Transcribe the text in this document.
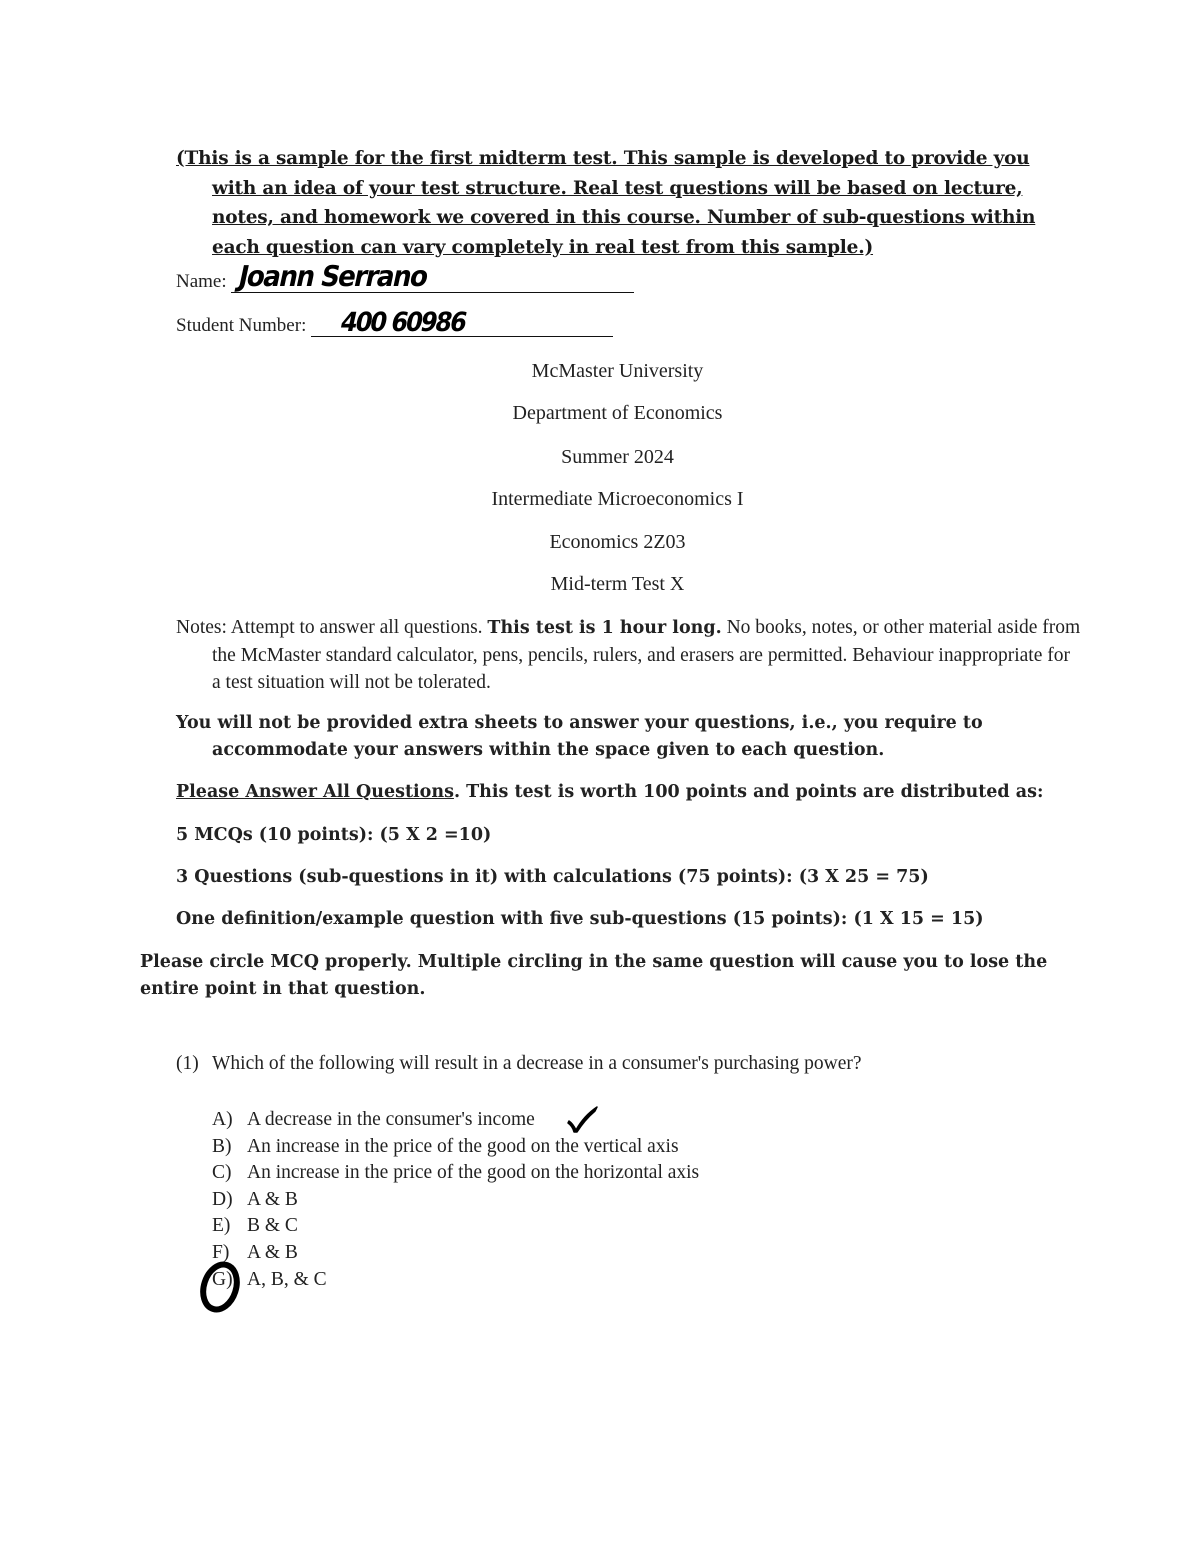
(This is a sample for the first midterm test. This sample is developed to provide you with an idea of your test structure. Real test questions will be based on lecture, notes, and homework we covered in this course. Number of sub-questions within each question can vary completely in real test from this sample.)
Name: Joann Serrano
Student Number: 400 60986
McMaster University
Department of Economics
Summer 2024
Intermediate Microeconomics I
Economics 2Z03
Mid-term Test X
Notes: Attempt to answer all questions. This test is 1 hour long. No books, notes, or other material aside from the McMaster standard calculator, pens, pencils, rulers, and erasers are permitted. Behaviour inappropriate for a test situation will not be tolerated.
You will not be provided extra sheets to answer your questions, i.e., you require to accommodate your answers within the space given to each question.
Please Answer All Questions. This test is worth 100 points and points are distributed as:
5 MCQs (10 points): (5 X 2 =10)
3 Questions (sub-questions in it) with calculations (75 points): (3 X 25 = 75)
One definition/example question with five sub-questions (15 points): (1 X 15 = 15)
Please circle MCQ properly. Multiple circling in the same question will cause you to lose the entire point in that question.
(1) Which of the following will result in a decrease in a consumer's purchasing power?
A) A decrease in the consumer's income
B) An increase in the price of the good on the vertical axis
C) An increase in the price of the good on the horizontal axis
D) A & B
E) B & C
F) A & B
G) A, B, & C
